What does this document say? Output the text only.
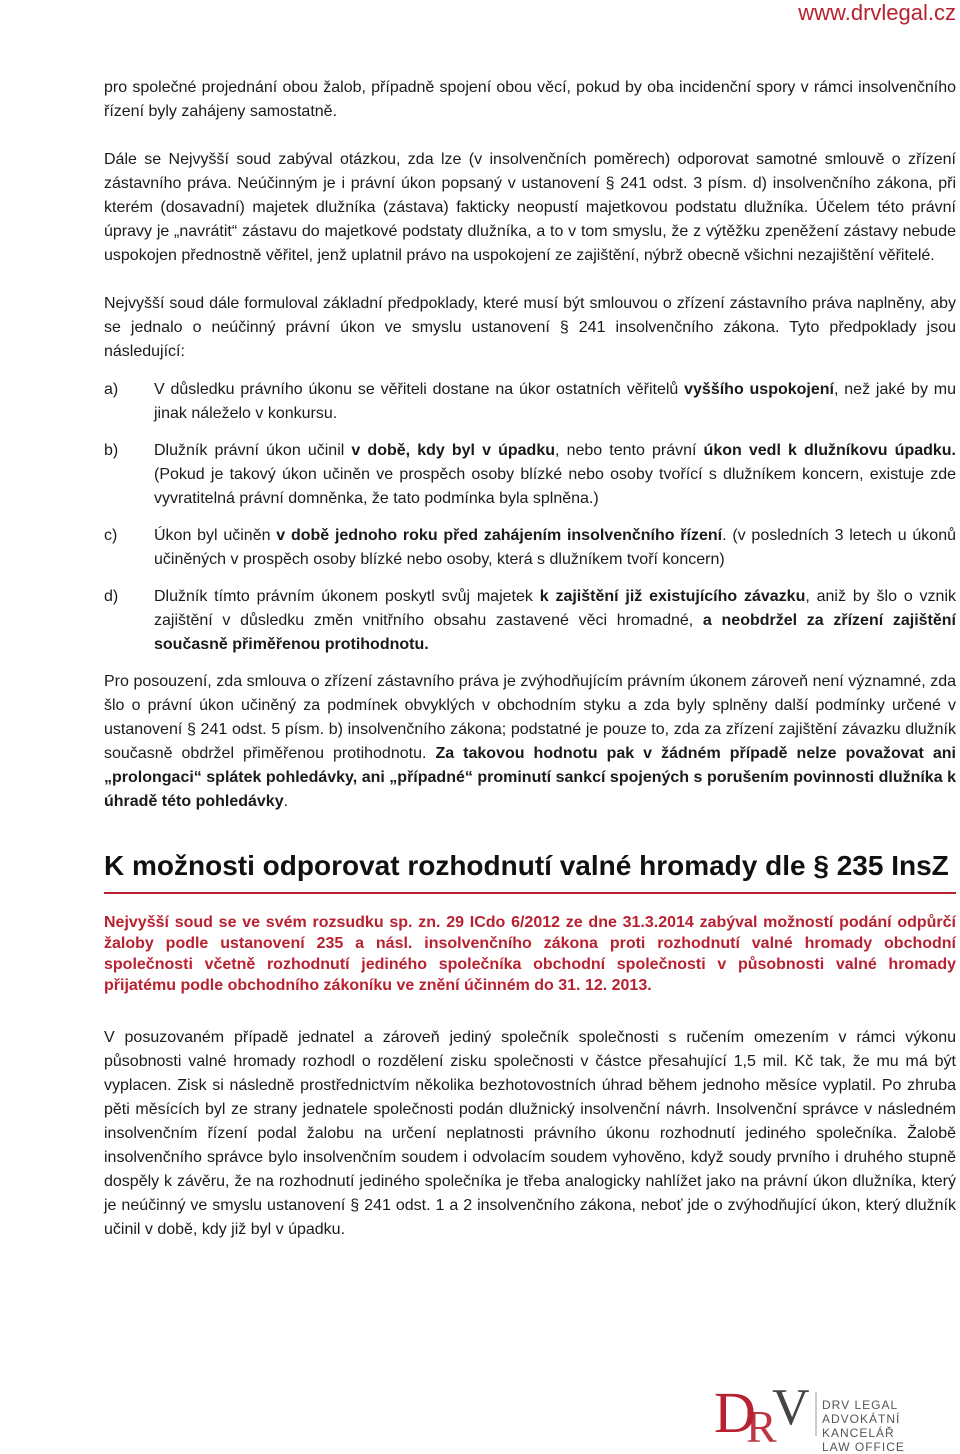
www.drvlegal.cz

pro společné projednání obou žalob, případně spojení obou věcí, pokud by oba incidenční spory v rámci insolvenčního řízení byly zahájeny samostatně.

Dále se Nejvyšší soud zabýval otázkou, zda lze (v insolvenčních poměrech) odporovat samotné smlouvě o zřízení zástavního práva. Neúčinným je i právní úkon popsaný v ustanovení § 241 odst. 3 písm. d) insolvenčního zákona, při kterém (dosavadní) majetek dlužníka (zástava) fakticky neopustí majetkovou podstatu dlužníka. Účelem této právní úpravy je „navrátit“ zástavu do majetkové podstaty dlužníka, a to v tom smyslu, že z výtěžku zpeněžení zástavy nebude uspokojen přednostně věřitel, jenž uplatnil právo na uspokojení ze zajištění, nýbrž obecně všichni nezajištění věřitelé.

Nejvyšší soud dále formuloval základní předpoklady, které musí být smlouvou o zřízení zástavního práva naplněny, aby se jednalo o neúčinný právní úkon ve smyslu ustanovení § 241 insolvenčního zákona. Tyto předpoklady jsou následující:

a)	V důsledku právního úkonu se věřiteli dostane na úkor ostatních věřitelů vyššího uspokojení, než jaké by mu jinak náleželo v konkursu.
b)	Dlužník právní úkon učinil v době, kdy byl v úpadku, nebo tento právní úkon vedl k dlužníkovu úpadku. (Pokud je takový úkon učiněn ve prospěch osoby blízké nebo osoby tvořící s dlužníkem koncern, existuje zde vyvratitelná právní domněnka, že tato podmínka byla splněna.)
c)	Úkon byl učiněn v době jednoho roku před zahájením insolvenčního řízení. (v posledních 3 letech u úkonů učiněných v prospěch osoby blízké nebo osoby, která s dlužníkem tvoří koncern)
d)	Dlužník tímto právním úkonem poskytl svůj majetek k zajištění již existujícího závazku, aniž by šlo o vznik zajištění v důsledku změn vnitřního obsahu zastavené věci hromadné, a neobdržel za zřízení zajištění současně přiměřenou protihodnotu.

Pro posouzení, zda smlouva o zřízení zástavního práva je zvýhodňujícím právním úkonem zároveň není významné, zda šlo o právní úkon učiněný za podmínek obvyklých v obchodním styku a zda byly splněny další podmínky určené v ustanovení § 241 odst. 5 písm. b) insolvenčního zákona; podstatné je pouze to, zda za zřízení zajištění závazku dlužník současně obdržel přiměřenou protihodnotu. Za takovou hodnotu pak v žádném případě nelze považovat ani „prolongaci“ splátek pohledávky, ani „případné“ prominutí sankcí spojených s porušením povinnosti dlužníka k úhradě této pohledávky.

K možnosti odporovat rozhodnutí valné hromady dle § 235 InsZ

Nejvyšší soud se ve svém rozsudku sp. zn. 29 ICdo 6/2012 ze dne 31.3.2014 zabýval možností podání odpůrčí žaloby podle ustanovení 235 a násl. insolvenčního zákona proti rozhodnutí valné hromady obchodní společnosti včetně rozhodnutí jediného společníka obchodní společnosti v působnosti valné hromady přijatému podle obchodního zákoníku ve znění účinném do 31. 12. 2013.

V posuzovaném případě jednatel a zároveň jediný společník společnosti s ručením omezením v rámci výkonu působnosti valné hromady rozhodl o rozdělení zisku společnosti v částce přesahující 1,5 mil. Kč tak, že mu má být vyplacen. Zisk si následně prostřednictvím několika bezhotovostních úhrad během jednoho měsíce vyplatil. Po zhruba pěti měsících byl ze strany jednatele společnosti podán dlužnický insolvenční návrh. Insolvenční správce v následném insolvenčním řízení podal žalobu na určení neplatnosti právního úkonu rozhodnutí jediného společníka. Žalobě insolvenčního správce bylo insolvenčním soudem i odvolacím soudem vyhověno, když soudy prvního i druhého stupně dospěly k závěru, že na rozhodnutí jediného společníka je třeba analogicky nahlížet jako na právní úkon dlužníka, který je neúčinný ve smyslu ustanovení § 241 odst. 1 a 2 insolvenčního zákona, neboť jde o zvýhodňující úkon, který dlužník učinil v době, kdy již byl v úpadku.

D
R
V DRV LEGAL
ADVOKÁTNÍ KANCELÁŘ
LAW OFFICE
